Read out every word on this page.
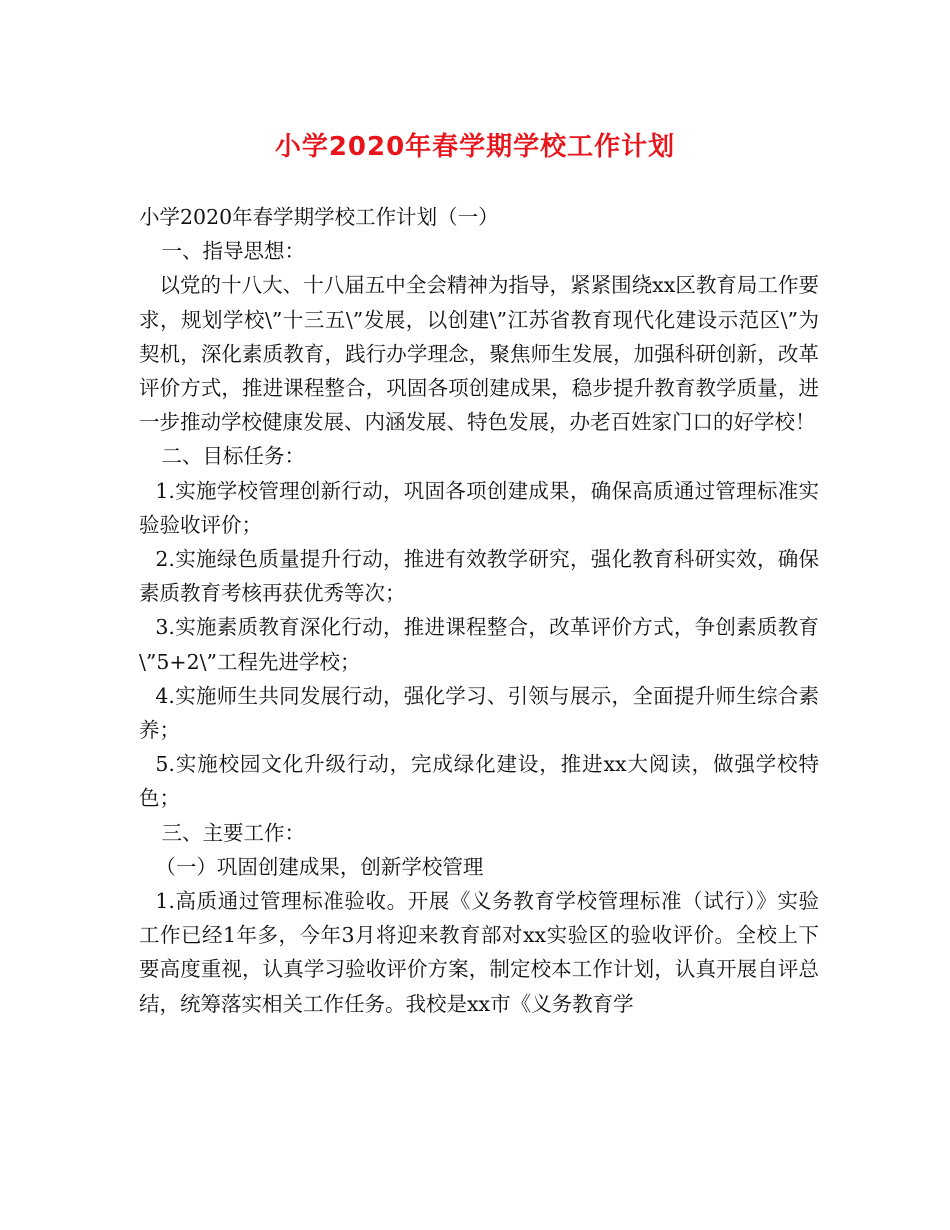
小学2020年春学期学校工作计划

小学2020年春学期学校工作计划（一）

一、指导思想：

以党的十八大、十八届五中全会精神为指导，紧紧围绕xx区教育局工作要求，规划学校\”十三五\”发展，以创建\”江苏省教育现代化建设示范区\”为契机，深化素质教育，践行办学理念，聚焦师生发展，加强科研创新，改革评价方式，推进课程整合，巩固各项创建成果，稳步提升教育教学质量，进一步推动学校健康发展、内涵发展、特色发展，办老百姓家门口的好学校！

二、目标任务：

1.实施学校管理创新行动，巩固各项创建成果，确保高质通过管理标准实验验收评价；

2.实施绿色质量提升行动，推进有效教学研究，强化教育科研实效，确保素质教育考核再获优秀等次；

3.实施素质教育深化行动，推进课程整合，改革评价方式，争创素质教育\”5+2\”工程先进学校；

4.实施师生共同发展行动，强化学习、引领与展示，全面提升师生综合素养；

5.实施校园文化升级行动，完成绿化建设，推进xx大阅读，做强学校特色；

三、主要工作：

（一）巩固创建成果，创新学校管理

1.高质通过管理标准验收。开展《义务教育学校管理标准（试行）》实验工作已经1年多，今年3月将迎来教育部对xx实验区的验收评价。全校上下要高度重视，认真学习验收评价方案，制定校本工作计划，认真开展自评总结，统筹落实相关工作任务。我校是xx市《义务教育学
